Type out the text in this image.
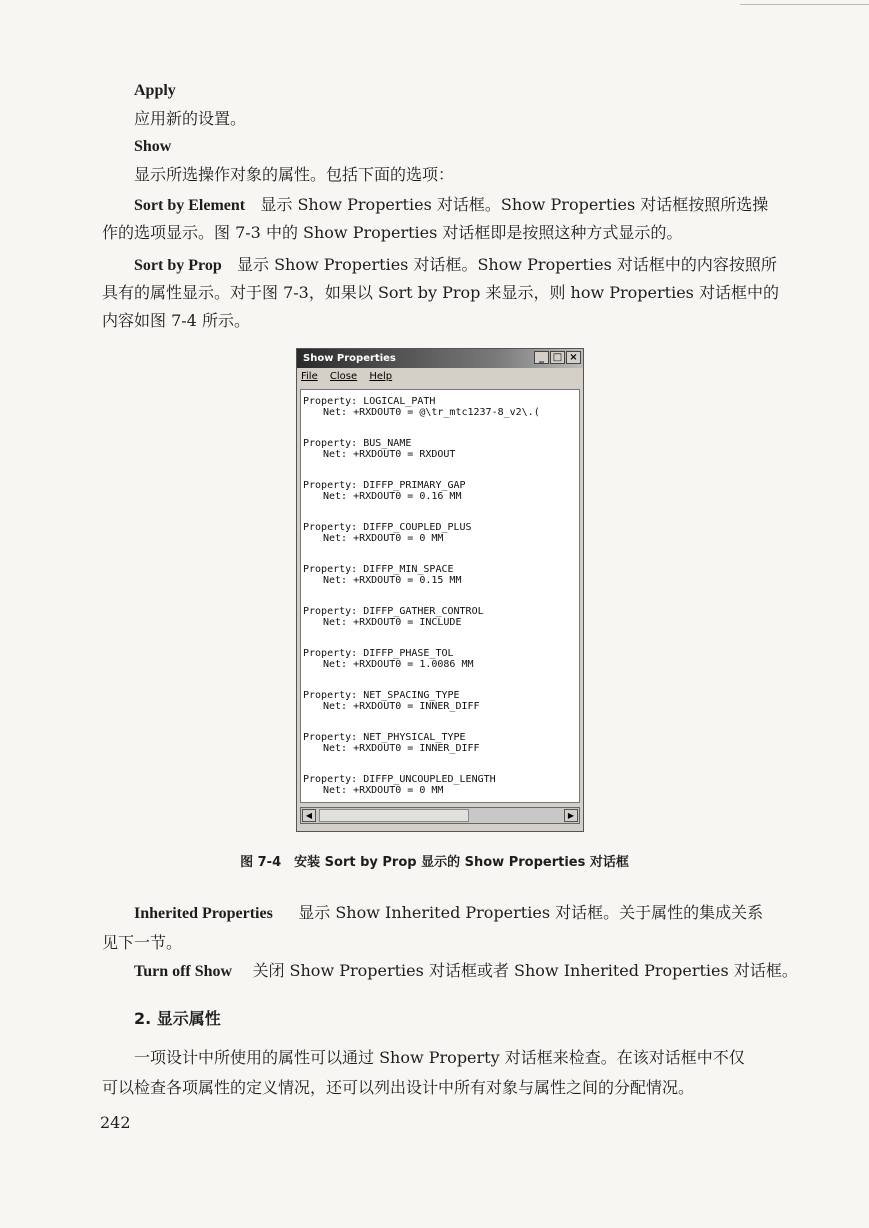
Apply

应用新的设置。

Show

显示所选操作对象的属性。包括下面的选项：

Sort by Element 显示 Show Properties 对话框。Show Properties 对话框按照所选操

作的选项显示。图 7-3 中的 Show Properties 对话框即是按照这种方式显示的。

Sort by Prop 显示 Show Properties 对话框。Show Properties 对话框中的内容按照所

具有的属性显示。对于图 7-3，如果以 Sort by Prop 来显示，则 how Properties 对话框中的

内容如图 7-4 所示。

Show Properties	_ □ ×
File Close Help
Property: LOGICAL_PATH
Net: +RXDOUT0 = @\tr_mtc1237-8_v2\.(
Property: BUS_NAME
Net: +RXDOUT0 = RXDOUT
Property: DIFFP_PRIMARY_GAP
Net: +RXDOUT0 = 0.16 MM
Property: DIFFP_COUPLED_PLUS
Net: +RXDOUT0 = 0 MM
Property: DIFFP_MIN_SPACE
Net: +RXDOUT0 = 0.15 MM
Property: DIFFP_GATHER_CONTROL
Net: +RXDOUT0 = INCLUDE
Property: DIFFP_PHASE_TOL
Net: +RXDOUT0 = 1.0086 MM
Property: NET_SPACING_TYPE
Net: +RXDOUT0 = INNER_DIFF
Property: NET_PHYSICAL_TYPE
Net: +RXDOUT0 = INNER_DIFF
Property: DIFFP_UNCOUPLED_LENGTH
Net: +RXDOUT0 = 0 MM
◀	▶
图 7-4　安装 Sort by Prop 显示的 Show Properties 对话框

Inherited Properties 显示 Show Inherited Properties 对话框。关于属性的集成关系

见下一节。

Turn off Show 关闭 Show Properties 对话框或者 Show Inherited Properties 对话框。

2. 显示属性

一项设计中所使用的属性可以通过 Show Property 对话框来检查。在该对话框中不仅

可以检查各项属性的定义情况，还可以列出设计中所有对象与属性之间的分配情况。

242
